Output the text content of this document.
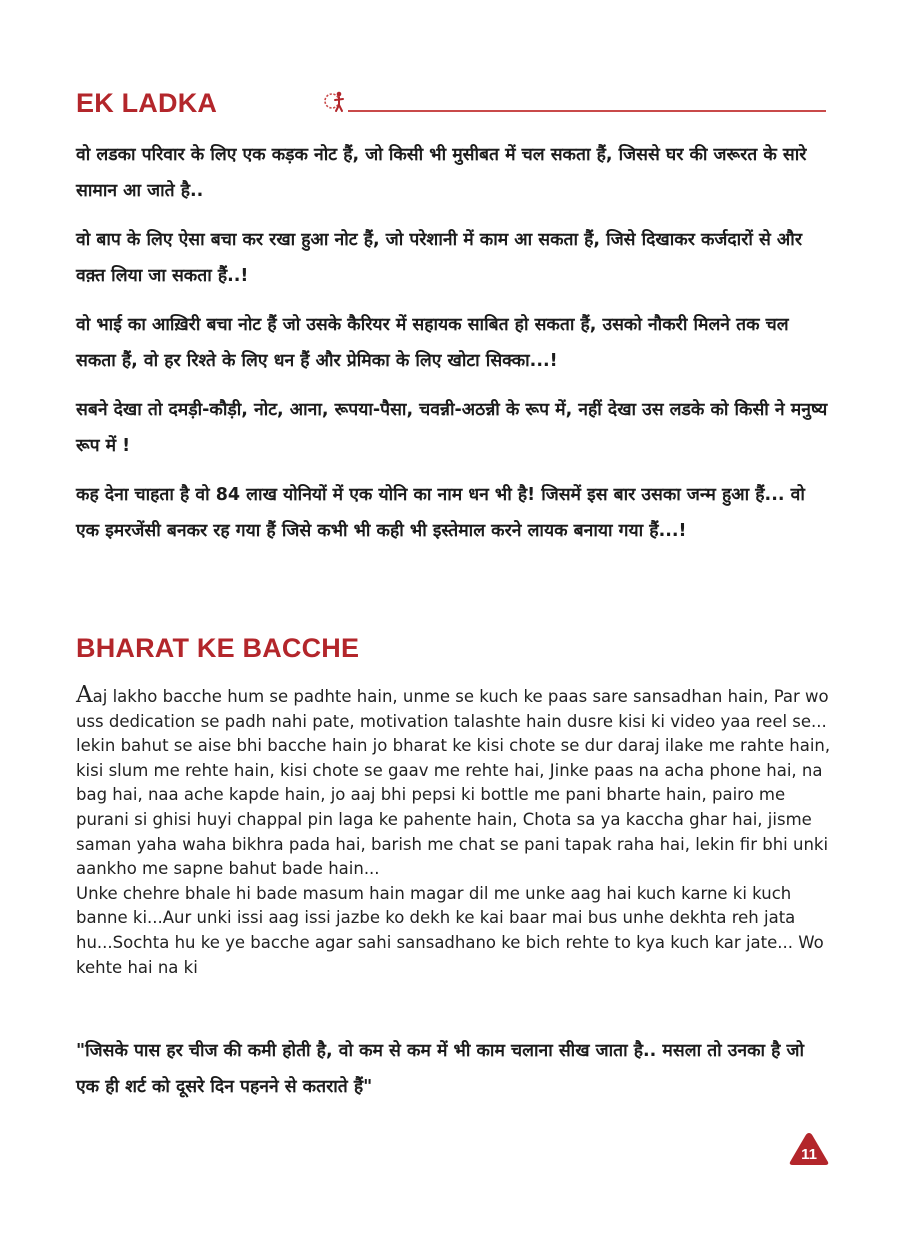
EK LADKA

वो लडका परिवार के लिए एक कड़क नोट हैं, जो किसी भी मुसीबत में चल सकता हैं, जिससे घर की जरूरत के सारे सामान आ जाते है..

वो बाप के लिए ऐसा बचा कर रखा हुआ नोट हैं, जो परेशानी में काम आ सकता हैं, जिसे दिखाकर कर्जदारों से और वक़्त लिया जा सकता हैं..!

वो भाई का आख़िरी बचा नोट हैं जो उसके कैरियर में सहायक साबित हो सकता हैं, उसको नौकरी मिलने तक चल सकता हैं, वो हर रिश्ते के लिए धन हैं और प्रेमिका के लिए खोटा सिक्का...!

सबने देखा तो दमड़ी-कौड़ी, नोट, आना, रूपया-पैसा, चवन्नी-अठन्नी के रूप में, नहीं देखा उस लडके को किसी ने मनुष्य रूप में !

कह देना चाहता है वो 84 लाख योनियों में एक योनि का नाम धन भी है! जिसमें इस बार उसका जन्म हुआ हैं... वो एक इमरजेंसी बनकर रह गया हैं जिसे कभी भी कही भी इस्तेमाल करने लायक बनाया गया हैं...!

BHARAT KE BACCHE

Aaj lakho bacche hum se padhte hain, unme se kuch ke paas sare sansadhan hain, Par wo uss dedication se padh nahi pate, motivation talashte hain dusre kisi ki video yaa reel se... lekin bahut se aise bhi bacche hain jo bharat ke kisi chote se dur daraj ilake me rahte hain, kisi slum me rehte hain, kisi chote se gaav me rehte hai, Jinke paas na acha phone hai, na bag hai, naa ache kapde hain, jo aaj bhi pepsi ki bottle me pani bharte hain, pairo me purani si ghisi huyi chappal pin laga ke pahente hain, Chota sa ya kaccha ghar hai, jisme saman yaha waha bikhra pada hai, barish me chat se pani tapak raha hai, lekin fir bhi unki aankho me sapne bahut bade hain...

Unke chehre bhale hi bade masum hain magar dil me unke aag hai kuch karne ki kuch banne ki...Aur unki issi aag issi jazbe ko dekh ke kai baar mai bus unhe dekhta reh jata hu...Sochta hu ke ye bacche agar sahi sansadhano ke bich rehte to kya kuch kar jate... Wo kehte hai na ki

"जिसके पास हर चीज की कमी होती है, वो कम से कम में भी काम चलाना सीख जाता है.. मसला तो उनका है जो एक ही शर्ट को दूसरे दिन पहनने से कतराते हैं"

11
